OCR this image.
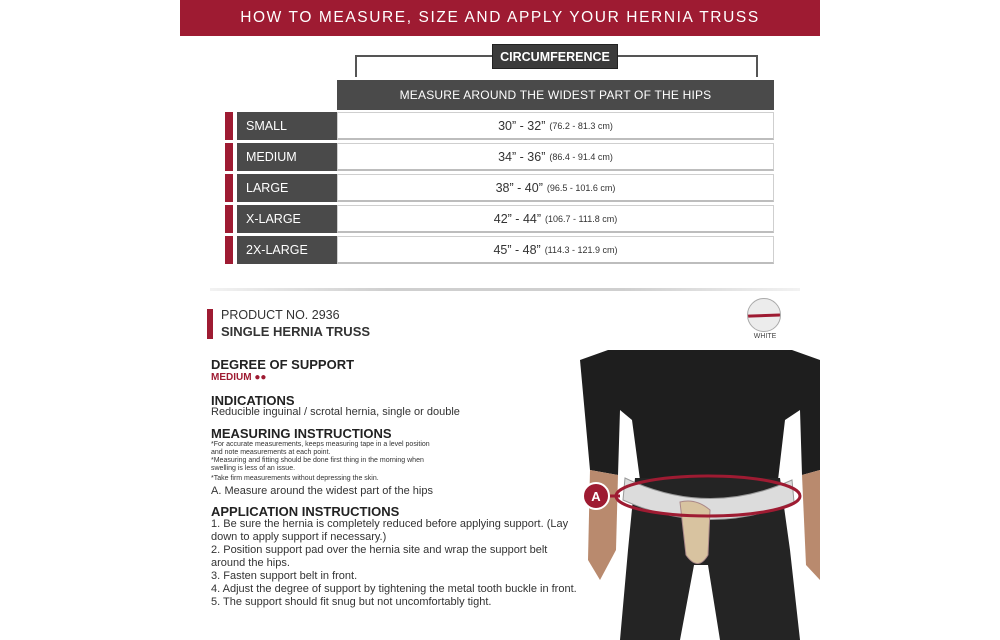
HOW TO MEASURE, SIZE AND APPLY YOUR HERNIA TRUSS
CIRCUMFERENCE
MEASURE AROUND THE WIDEST PART OF THE HIPS
SMALL	30” - 32” (76.2 - 81.3 cm)
MEDIUM	34” - 36” (86.4 - 91.4 cm)
LARGE	38” - 40” (96.5 - 101.6 cm)
X-LARGE	42” - 44” (106.7 - 111.8 cm)
2X-LARGE	45” - 48” (114.3 - 121.9 cm)
PRODUCT NO. 2936
SINGLE HERNIA TRUSS	WHITE
DEGREE OF SUPPORT
MEDIUM ●●
INDICATIONS
Reducible inguinal / scrotal hernia, single or double
MEASURING INSTRUCTIONS
*For accurate measurements, keeps measuring tape in a level position
and note measurements at each point.
*Measuring and fitting should be done first thing in the morning when
swelling is less of an issue.
*Take firm measurements without depressing the skin.
A. Measure around the widest part of the hips
APPLICATION INSTRUCTIONS
1. Be sure the hernia is completely reduced before applying support. (Lay
down to apply support if necessary.)
2. Position support pad over the hernia site and wrap the support belt
around the hips.
3. Fasten support belt in front.
4. Adjust the degree of support by tightening the metal tooth buckle in front.
5. The support should fit snug but not uncomfortably tight.
A
